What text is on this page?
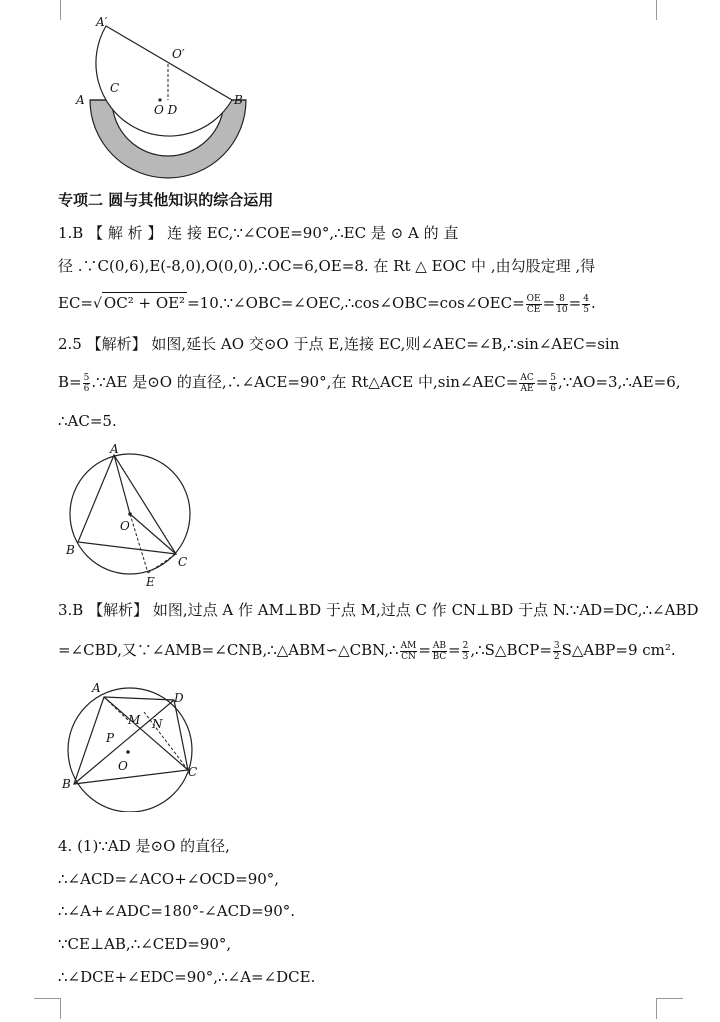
A′
O′
C
A
O D
B
专项二 圆与其他知识的综合运用
1.B 【 解 析 】 连 接 EC,∵∠COE=90°,∴EC 是 ⊙ A 的 直
径 .∵C(0,6),E(-8,0),O(0,0),∴OC=6,OE=8. 在 Rt △ EOC 中 ,由勾股定理 ,得
EC=√ OC² + OE² =10.∵∠OBC=∠OEC,∴cos∠OBC=cos∠OEC= $\frac{OE}{CE} = \frac{8}{10} = \frac{4}{5}$ .
2.5 【解析】 如图,延长 AO 交⊙O 于点 E,连接 EC,则∠AEC=∠B,∴sin∠AEC=sin
$B= \frac{5}{6}$ .∵AE 是⊙O 的直径,∴∠ACE=90°,在 Rt△ACE 中,sin∠AEC= $\frac{AC}{AE} = \frac{5}{6}$ ,∵AO=3,∴AE=6,
∴AC=5.
A
O
B
C
E
3.B 【解析】 如图,过点 A 作 AM⊥BD 于点 M,过点 C 作 CN⊥BD 于点 N.∵AD=DC,∴∠ABD
=∠CBD,又∵∠AMB=∠CNB,∴△ABM∽△CBN,∴ $\frac{AM}{CN} = \frac{AB}{BC} = \frac{2}{3}$ ,∴S△BCP= $\frac{3}{2}$ S△ABP=9 cm².
A
D
M N
P
O
B
C
4. (1)∵AD 是⊙O 的直径,
∴∠ACD=∠ACO+∠OCD=90°,
∴∠A+∠ADC=180°-∠ACD=90°.
∵CE⊥AB,∴∠CED=90°,
∴∠DCE+∠EDC=90°,∴∠A=∠DCE.
